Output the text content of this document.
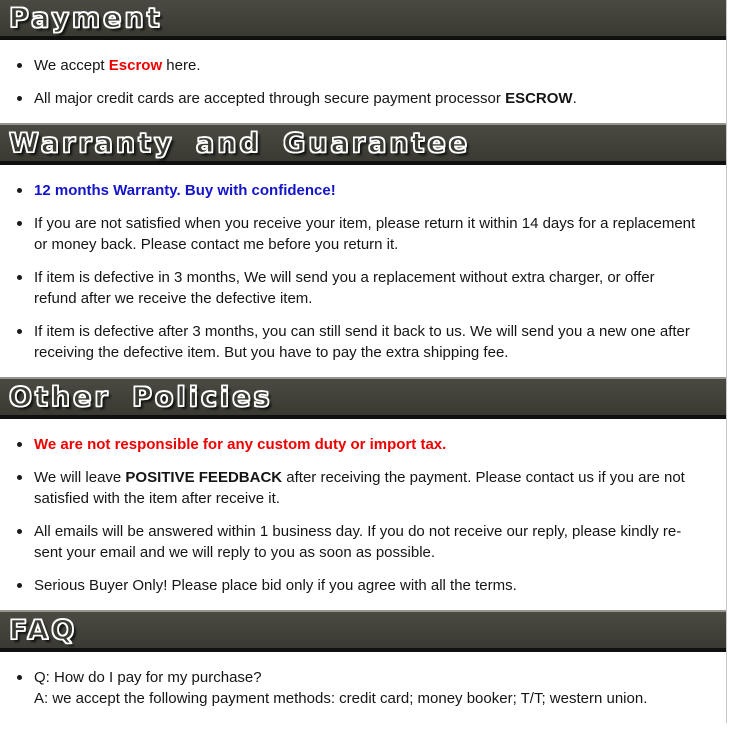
Payment
We accept Escrow here.
All major credit cards are accepted through secure payment processor ESCROW.
Warranty and Guarantee
12 months Warranty. Buy with confidence!
If you are not satisfied when you receive your item, please return it within 14 days for a replacement or money back. Please contact me before you return it.
If item is defective in 3 months, We will send you a replacement without extra charger, or offer refund after we receive the defective item.
If item is defective after 3 months, you can still send it back to us. We will send you a new one after receiving the defective item. But you have to pay the extra shipping fee.
Other Policies
We are not responsible for any custom duty or import tax.
We will leave POSITIVE FEEDBACK after receiving the payment. Please contact us if you are not satisfied with the item after receive it.
All emails will be answered within 1 business day. If you do not receive our reply, please kindly re-sent your email and we will reply to you as soon as possible.
Serious Buyer Only! Please place bid only if you agree with all the terms.
FAQ
Q: How do I pay for my purchase?
A: we accept the following payment methods: credit card; money booker; T/T; western union.
